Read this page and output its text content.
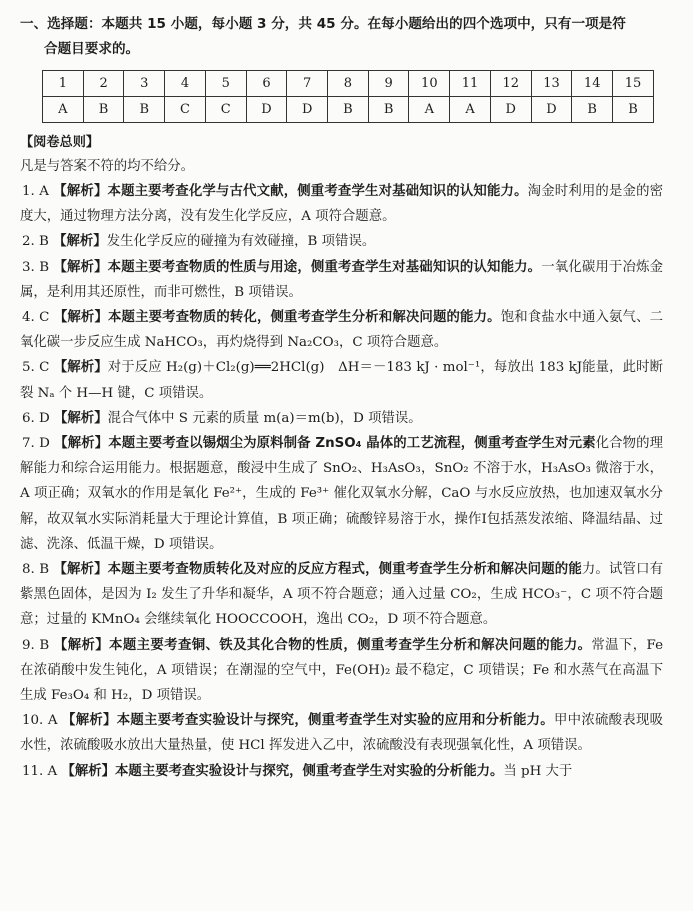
一、选择题：本题共 15 小题，每小题 3 分，共 45 分。在每小题给出的四个选项中，只有一项是符
合题目要求的。

1	2	3	4	5	6	7	8	9	10	11	12	13	14	15
A	B	B	C	C	D	D	B	B	A	A	D	D	B	B
【阅卷总则】
凡是与答案不符的均不给分。
1. A 【解析】本题主要考查化学与古代文献，侧重考查学生对基础知识的认知能力。淘金时利用的是金的密度大，通过物理方法分离，没有发生化学反应，A 项符合题意。
2. B 【解析】发生化学反应的碰撞为有效碰撞，B 项错误。
3. B 【解析】本题主要考查物质的性质与用途，侧重考查学生对基础知识的认知能力。一氧化碳用于冶炼金属，是利用其还原性，而非可燃性，B 项错误。
4. C 【解析】本题主要考查物质的转化，侧重考查学生分析和解决问题的能力。饱和食盐水中通入氨气、二氧化碳一步反应生成 NaHCO₃，再灼烧得到 Na₂CO₃，C 项符合题意。
5. C 【解析】对于反应 H₂(g)＋Cl₂(g)══2HCl(g)　ΔH＝－183 kJ · mol⁻¹，每放出 183 kJ能量，此时断裂 Nₐ 个 H—H 键，C 项错误。
6. D 【解析】混合气体中 S 元素的质量 m(a)＝m(b)，D 项错误。
7. D 【解析】本题主要考查以锡烟尘为原料制备 ZnSO₄ 晶体的工艺流程，侧重考查学生对元素化合物的理解能力和综合运用能力。根据题意，酸浸中生成了 SnO₂、H₃AsO₃，SnO₂ 不溶于水，H₃AsO₃ 微溶于水，A 项正确；双氧水的作用是氧化 Fe²⁺，生成的 Fe³⁺ 催化双氧水分解，CaO 与水反应放热，也加速双氧水分解，故双氧水实际消耗量大于理论计算值，B 项正确；硫酸锌易溶于水，操作Ⅰ包括蒸发浓缩、降温结晶、过滤、洗涤、低温干燥，D 项错误。
8. B 【解析】本题主要考查物质转化及对应的反应方程式，侧重考查学生分析和解决问题的能力。试管口有紫黑色固体，是因为 I₂ 发生了升华和凝华，A 项不符合题意；通入过量 CO₂，生成 HCO₃⁻，C 项不符合题意；过量的 KMnO₄ 会继续氧化 HOOCCOOH，逸出 CO₂，D 项不符合题意。
9. B 【解析】本题主要考查铜、铁及其化合物的性质，侧重考查学生分析和解决问题的能力。常温下，Fe 在浓硝酸中发生钝化，A 项错误；在潮湿的空气中，Fe(OH)₂ 最不稳定，C 项错误；Fe 和水蒸气在高温下生成 Fe₃O₄ 和 H₂，D 项错误。
10. A 【解析】本题主要考查实验设计与探究，侧重考查学生对实验的应用和分析能力。甲中浓硫酸表现吸水性，浓硫酸吸水放出大量热量，使 HCl 挥发进入乙中，浓硫酸没有表现强氧化性，A 项错误。
11. A 【解析】本题主要考查实验设计与探究，侧重考查学生对实验的分析能力。当 pH 大于
